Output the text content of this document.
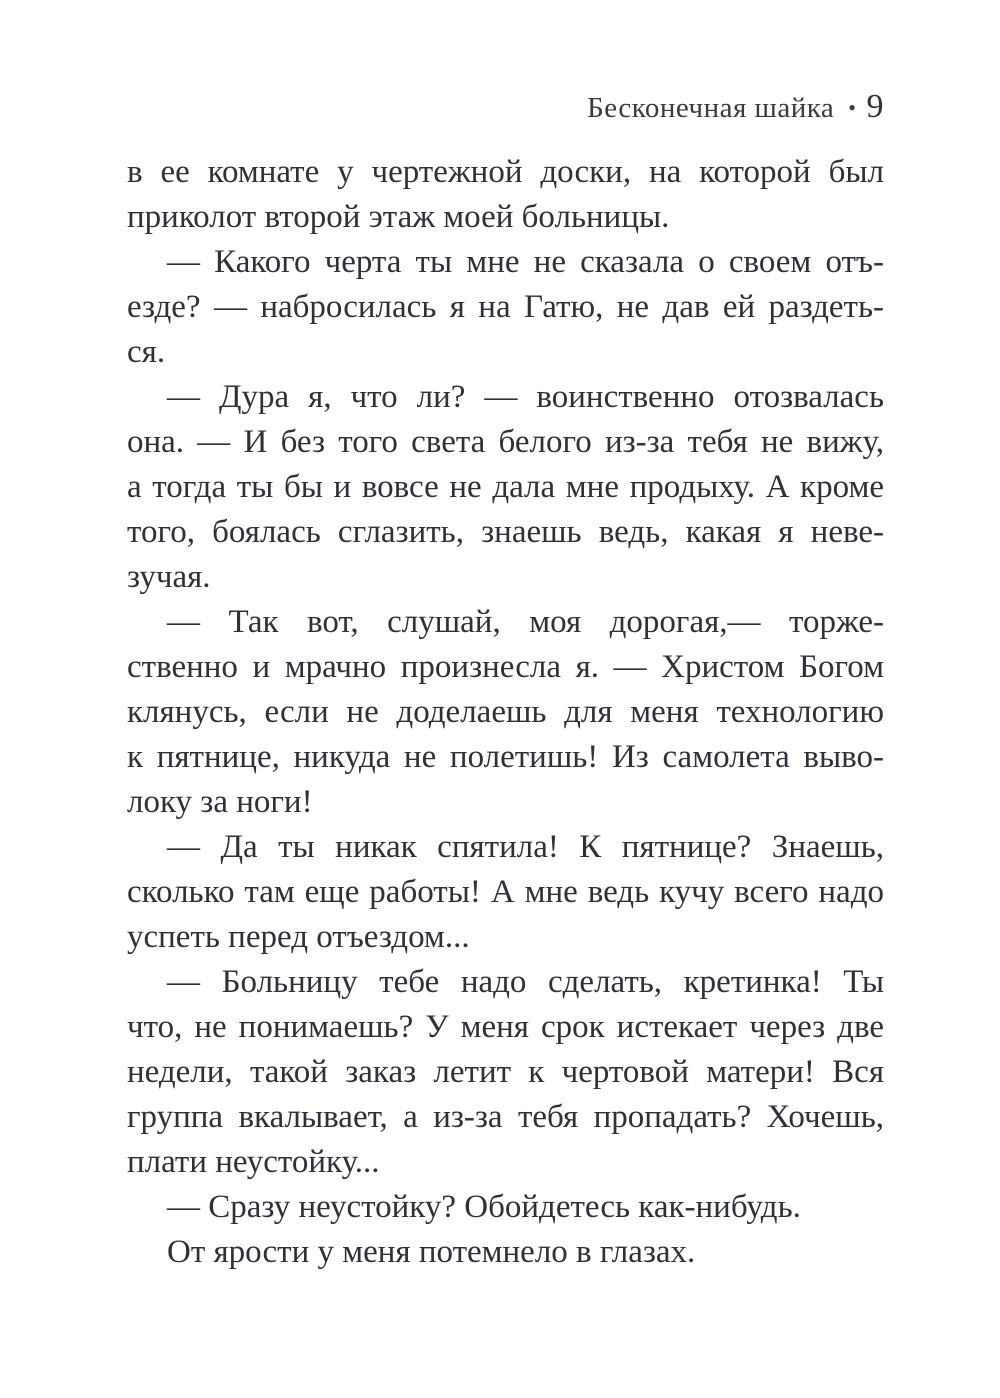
Бесконечная шайка • 9
в ее комнате у чертежной доски, на которой был
приколот второй этаж моей больницы.
— Какого черта ты мне не сказала о своем отъ-
езде? — набросилась я на Гатю, не дав ей раздеть-
ся.
— Дура я, что ли? — воинственно отозвалась
она. — И без того света белого из-за тебя не вижу,
а тогда ты бы и вовсе не дала мне продыху. А кроме
того, боялась сглазить, знаешь ведь, какая я неве-
зучая.
— Так вот, слушай, моя дорогая,— торже-
ственно и мрачно произнесла я. — Христом Богом
клянусь, если не доделаешь для меня технологию
к пятнице, никуда не полетишь! Из самолета выво-
локу за ноги!
— Да ты никак спятила! К пятнице? Знаешь,
сколько там еще работы! А мне ведь кучу всего надо
успеть перед отъездом...
— Больницу тебе надо сделать, кретинка! Ты
что, не понимаешь? У меня срок истекает через две
недели, такой заказ летит к чертовой матери! Вся
группа вкалывает, а из-за тебя пропадать? Хочешь,
плати неустойку...
— Сразу неустойку? Обойдетесь как-нибудь.
От ярости у меня потемнело в глазах.
